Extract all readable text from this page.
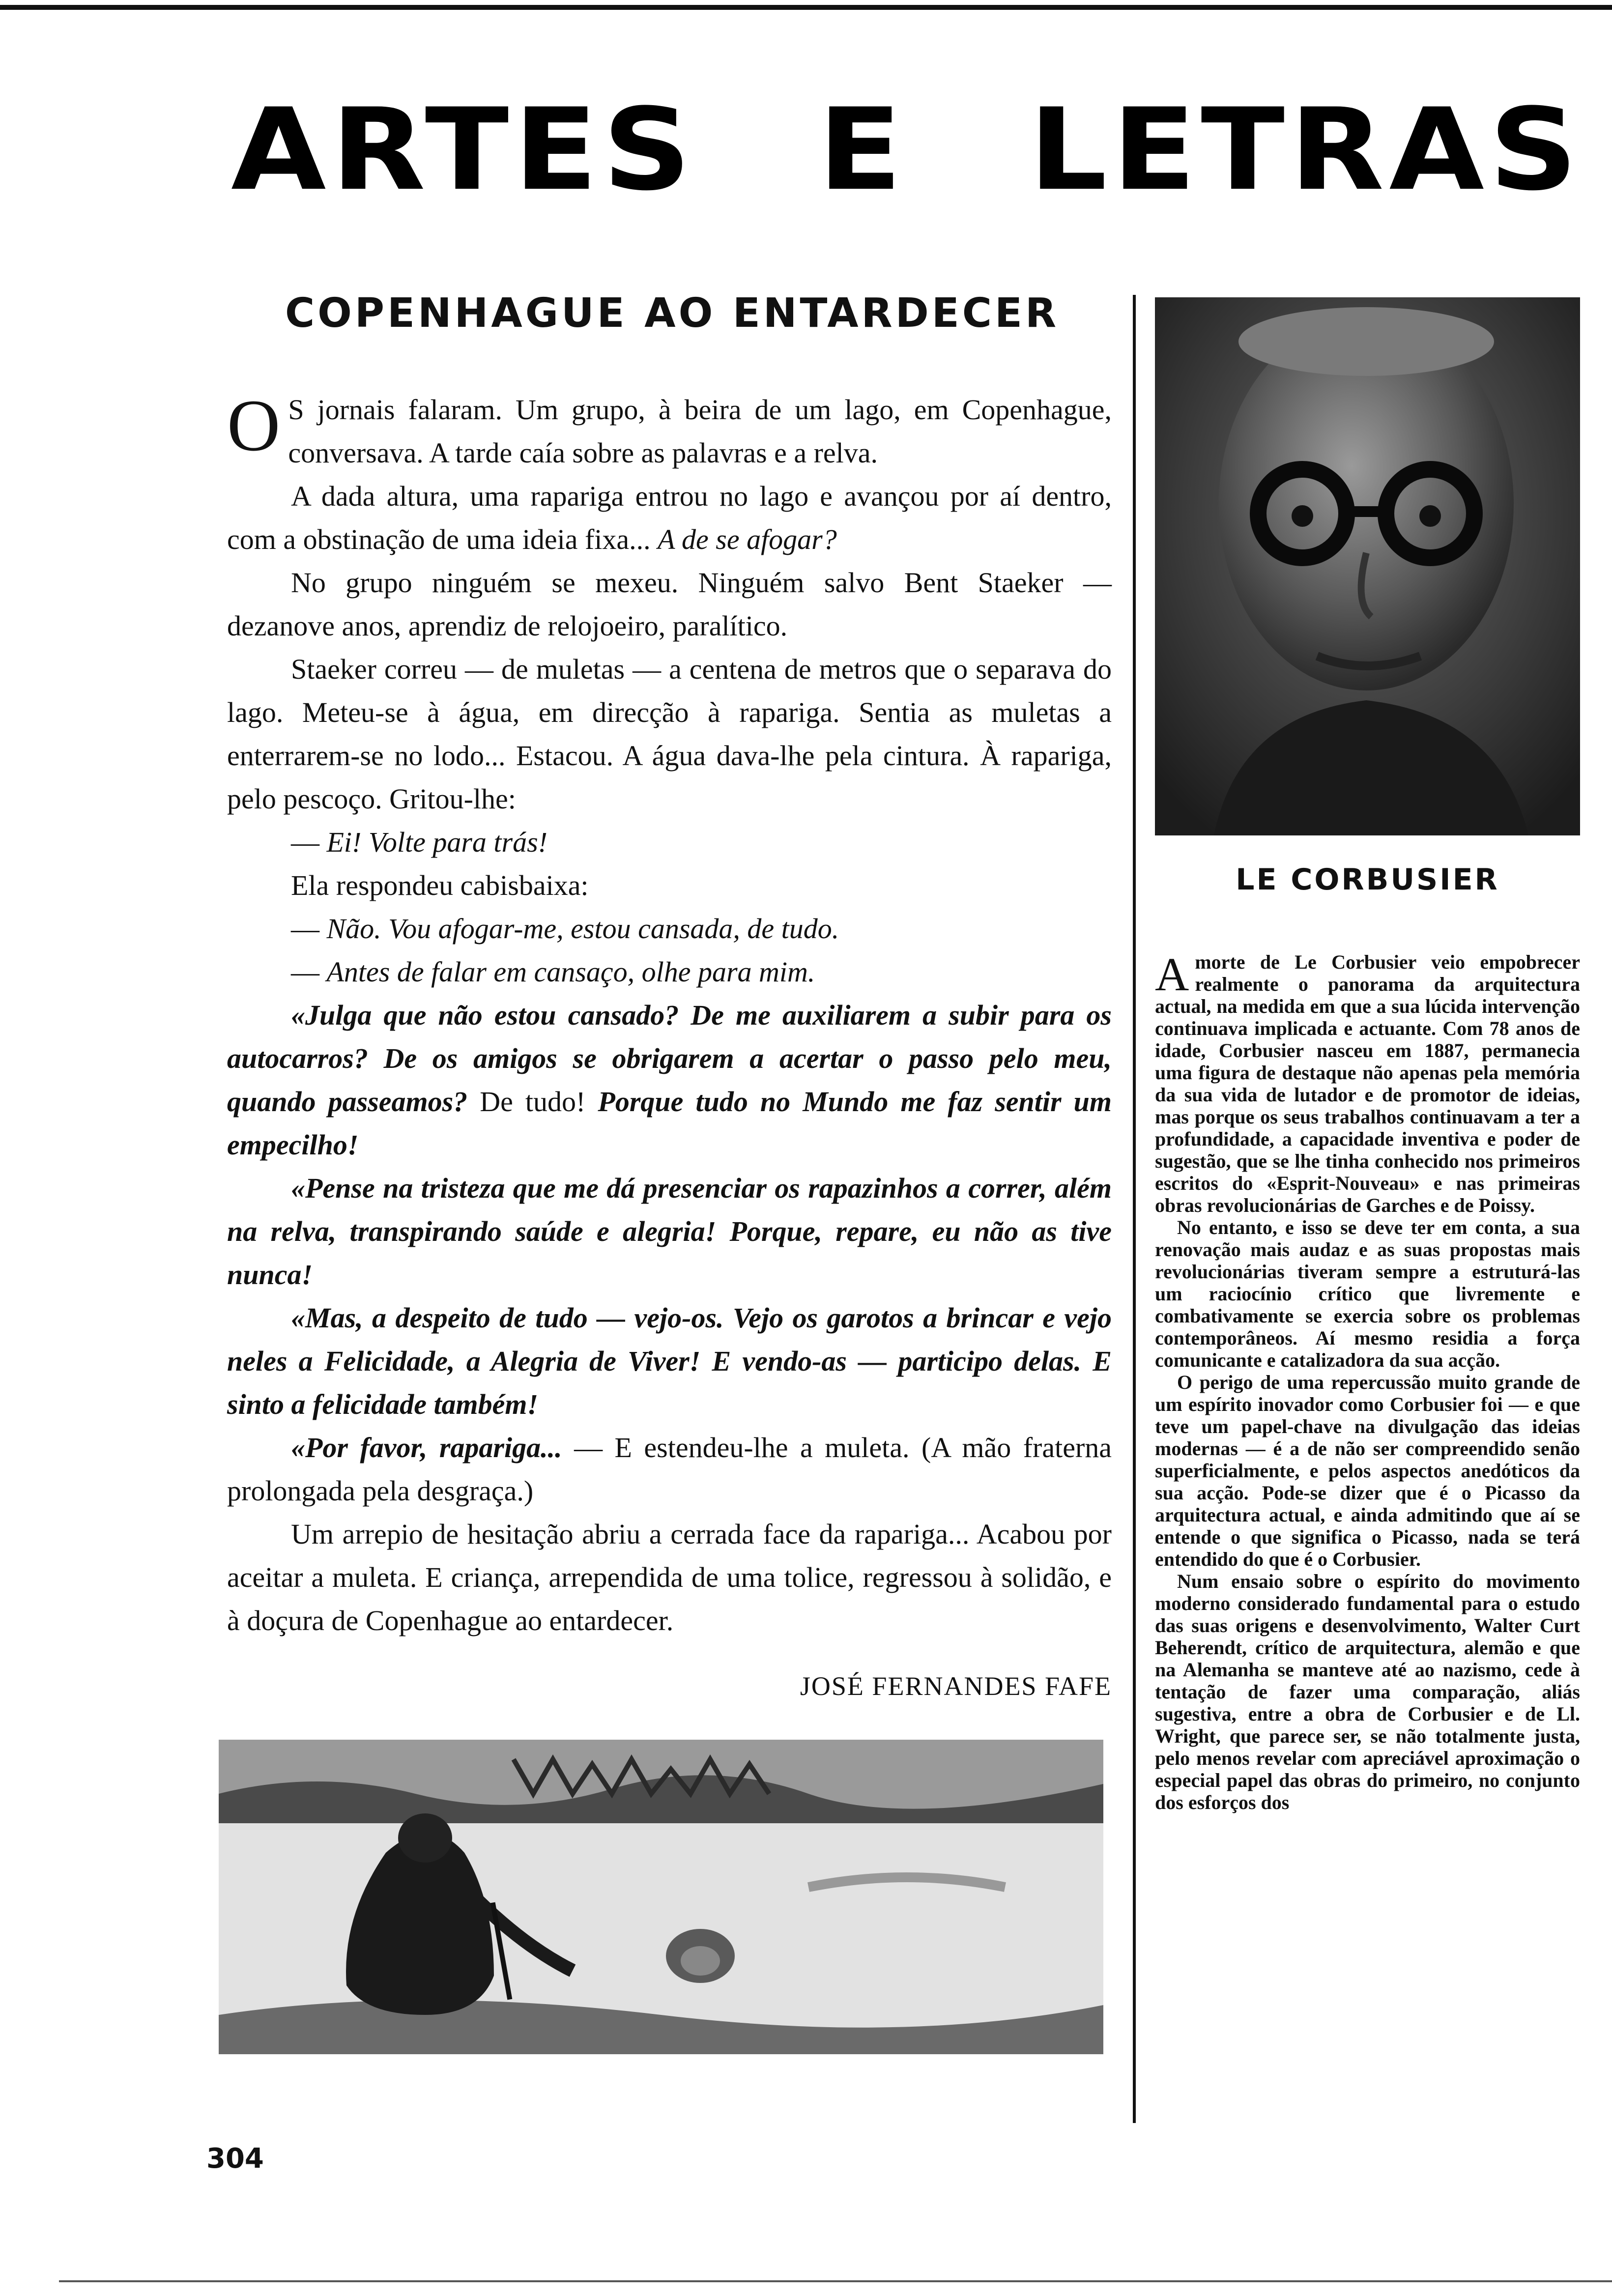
ARTES E LETRAS
COPENHAGUE AO ENTARDECER

O S jornais falaram. Um grupo, à beira de um lago, em Copenhague, conversava. A tarde caía sobre as palavras e a relva.

A dada altura, uma rapariga entrou no lago e avançou por aí dentro, com a obstinação de uma ideia fixa... A de se afogar?

No grupo ninguém se mexeu. Ninguém salvo Bent Staeker — dezanove anos, aprendiz de relojoeiro, paralítico.

Staeker correu — de muletas — a centena de metros que o separava do lago. Meteu-se à água, em direcção à rapariga. Sentia as muletas a enterrarem-se no lodo... Estacou. A água dava-lhe pela cintura. À rapariga, pelo pescoço. Gritou-lhe:

— Ei! Volte para trás!

Ela respondeu cabisbaixa:

— Não. Vou afogar-me, estou cansada, de tudo.

— Antes de falar em cansaço, olhe para mim.

«Julga que não estou cansado? De me auxiliarem a subir para os autocarros? De os amigos se obrigarem a acertar o passo pelo meu, quando passeamos? De tudo! Porque tudo no Mundo me faz sentir um empecilho!

«Pense na tristeza que me dá presenciar os rapazinhos a correr, além na relva, transpirando saúde e alegria! Porque, repare, eu não as tive nunca!

«Mas, a despeito de tudo — vejo-os. Vejo os garotos a brincar e vejo neles a Felicidade, a Alegria de Viver! E vendo-as — participo delas. E sinto a felicidade também!

«Por favor, rapariga... — E estendeu-lhe a muleta. (A mão fraterna prolongada pela desgraça.)

Um arrepio de hesitação abriu a cerrada face da rapariga... Acabou por aceitar a muleta. E criança, arrependida de uma tolice, regressou à solidão, e à doçura de Copenhague ao entardecer.

JOSÉ FERNANDES FAFE

LE CORBUSIER

Amorte de Le Corbusier veio empobrecer realmente o panorama da arquitectura actual, na medida em que a sua lúcida intervenção continuava implicada e actuante. Com 78 anos de idade, Corbusier nasceu em 1887, permanecia uma figura de destaque não apenas pela memória da sua vida de lutador e de promotor de ideias, mas porque os seus trabalhos continuavam a ter a profundidade, a capacidade inventiva e poder de sugestão, que se lhe tinha conhecido nos primeiros escritos do «Esprit-Nouveau» e nas primeiras obras revolucionárias de Garches e de Poissy.

No entanto, e isso se deve ter em conta, a sua renovação mais audaz e as suas propostas mais revolucionárias tiveram sempre a estruturá-las um raciocínio crítico que livremente e combativamente se exercia sobre os problemas contemporâneos. Aí mesmo residia a força comunicante e catalizadora da sua acção.

O perigo de uma repercussão muito grande de um espírito inovador como Corbusier foi — e que teve um papel-chave na divulgação das ideias modernas — é a de não ser compreendido senão superficialmente, e pelos aspectos anedóticos da sua acção. Pode-se dizer que é o Picasso da arquitectura actual, e ainda admitindo que aí se entende o que significa o Picasso, nada se terá entendido do que é o Corbusier.

Num ensaio sobre o espírito do movimento moderno considerado fundamental para o estudo das suas origens e desenvolvimento, Walter Curt Beherendt, crítico de arquitectura, alemão e que na Alemanha se manteve até ao nazismo, cede à tentação de fazer uma comparação, aliás sugestiva, entre a obra de Corbusier e de Ll. Wright, que parece ser, se não totalmente justa, pelo menos revelar com apreciável aproximação o especial papel das obras do primeiro, no conjunto dos esforços dos

304
